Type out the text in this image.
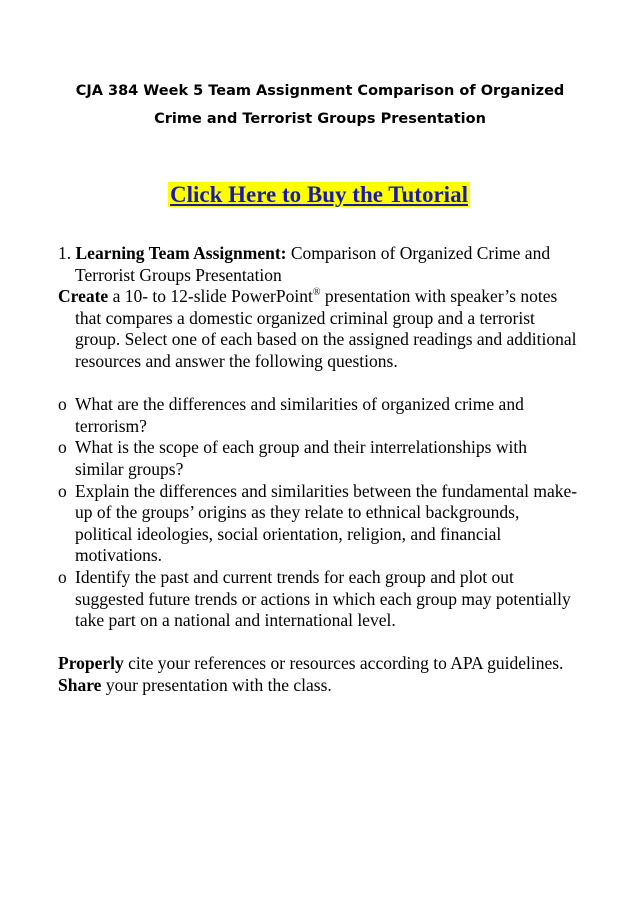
CJA 384 Week 5 Team Assignment Comparison of Organized
Crime and Terrorist Groups Presentation
Click Here to Buy the Tutorial

1. Learning Team Assignment: Comparison of Organized Crime and Terrorist Groups Presentation

Create a 10- to 12-slide PowerPoint® presentation with speaker’s notes that compares a domestic organized criminal group and a terrorist group. Select one of each based on the assigned readings and additional resources and answer the following questions.

o What are the differences and similarities of organized crime and terrorism?
o What is the scope of each group and their interrelationships with similar groups?
o Explain the differences and similarities between the fundamental make-up of the groups’ origins as they relate to ethnical backgrounds, political ideologies, social orientation, religion, and financial motivations.
o Identify the past and current trends for each group and plot out suggested future trends or actions in which each group may potentially take part on a national and international level.

Properly cite your references or resources according to APA guidelines.

Share your presentation with the class.
